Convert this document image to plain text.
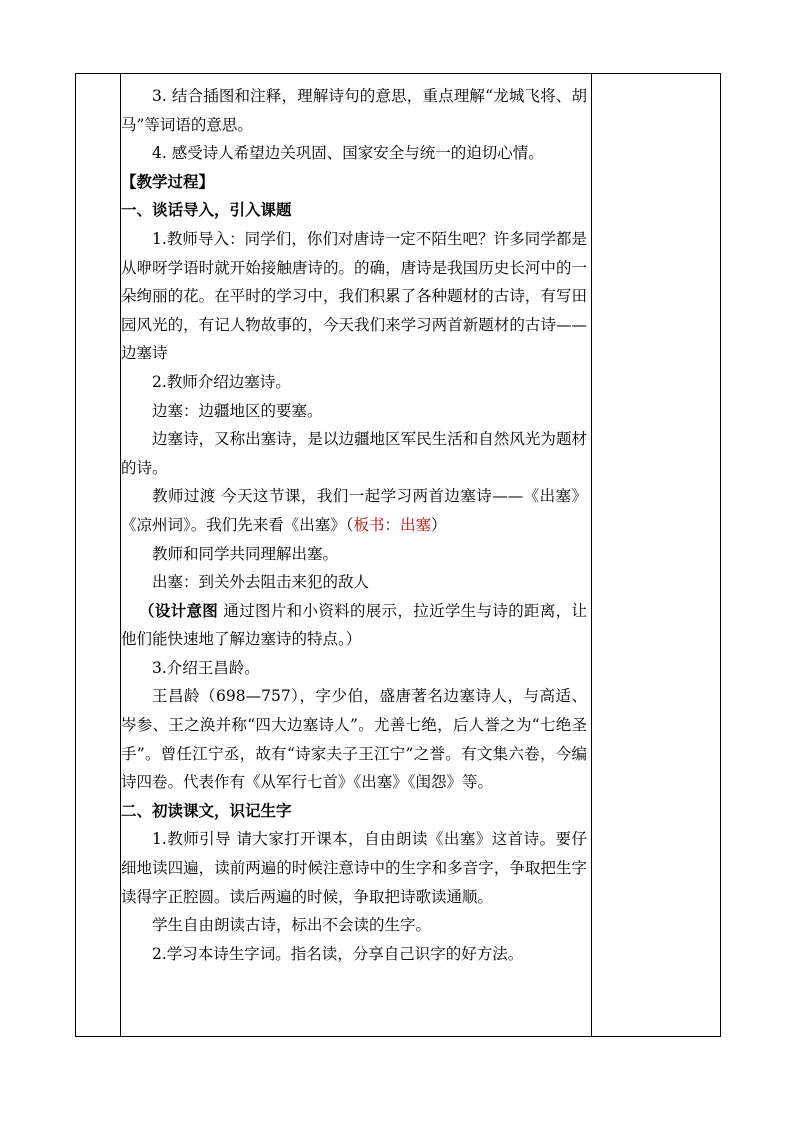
3. 结合插图和注释，理解诗句的意思，重点理解“龙城飞将、胡马”等词语的意思。

4. 感受诗人希望边关巩固、国家安全与统一的迫切心情。

【教学过程】

一、谈话导入，引入课题

1.教师导入：同学们，你们对唐诗一定不陌生吧？许多同学都是从咿呀学语时就开始接触唐诗的。的确，唐诗是我国历史长河中的一朵绚丽的花。在平时的学习中，我们积累了各种题材的古诗，有写田园风光的，有记人物故事的，今天我们来学习两首新题材的古诗——边塞诗

2.教师介绍边塞诗。

边塞：边疆地区的要塞。

边塞诗，又称出塞诗，是以边疆地区军民生活和自然风光为题材的诗。

教师过渡 今天这节课，我们一起学习两首边塞诗——《出塞》《凉州词》。我们先来看《出塞》（板书：出塞）

教师和同学共同理解出塞。

出塞：到关外去阻击来犯的敌人

（设计意图 通过图片和小资料的展示，拉近学生与诗的距离，让他们能快速地了解边塞诗的特点。）

3.介绍王昌龄。

王昌龄（698—757），字少伯，盛唐著名边塞诗人，与高适、岑参、王之涣并称“四大边塞诗人”。尤善七绝，后人誉之为“七绝圣手”。曾任江宁丞，故有“诗家夫子王江宁”之誉。有文集六卷，今编诗四卷。代表作有《从军行七首》《出塞》《闺怨》等。

二、初读课文，识记生字

1.教师引导 请大家打开课本，自由朗读《出塞》这首诗。要仔细地读四遍，读前两遍的时候注意诗中的生字和多音字，争取把生字读得字正腔圆。读后两遍的时候，争取把诗歌读通顺。

学生自由朗读古诗，标出不会读的生字。

2.学习本诗生字词。指名读，分享自己识字的好方法。
